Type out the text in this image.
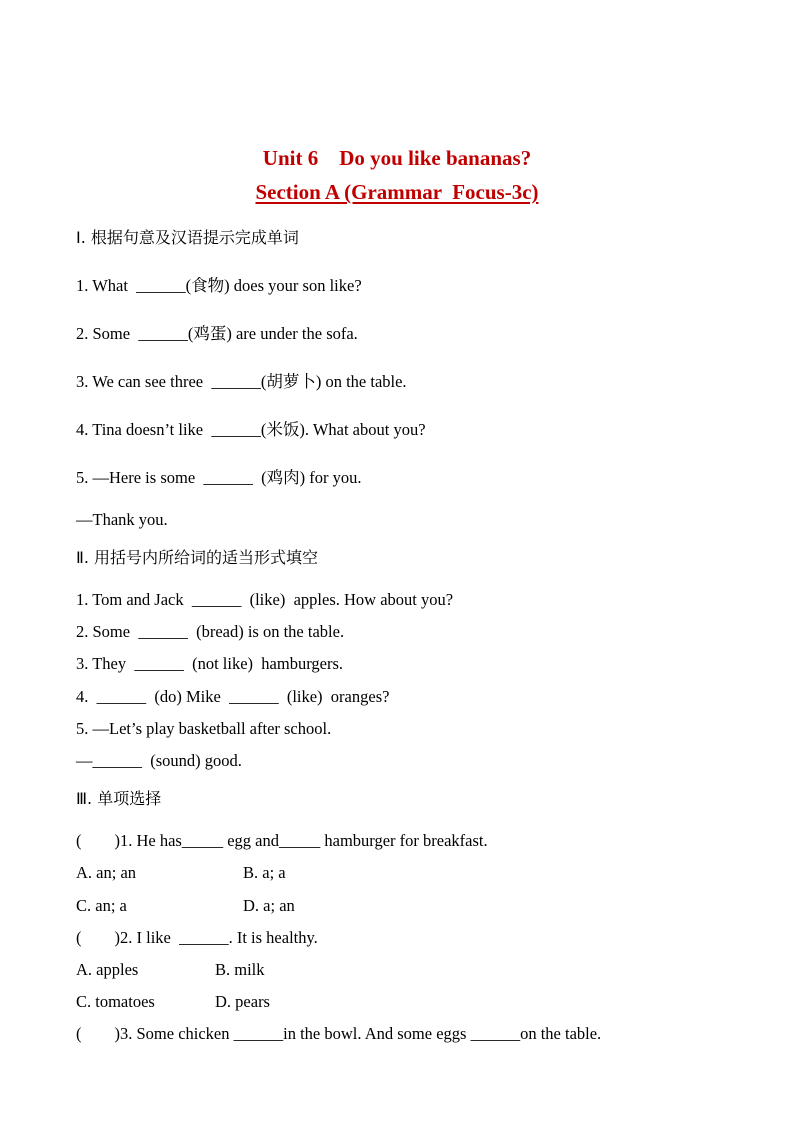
Unit 6    Do you like bananas?
Section A (Grammar  Focus-3c)
Ⅰ. 根据句意及汉语提示完成单词
1. What  ______(食物) does your son like?
2. Some  ______(鸡蛋) are under the sofa.
3. We can see three  ______(胡萝卜) on the table.
4. Tina doesn’t like  ______(米饭). What about you?
5. —Here is some  ______  (鸡肉) for you.
—Thank you.
Ⅱ. 用括号内所给词的适当形式填空
1. Tom and Jack  ______  (like)  apples. How about you?
2. Some  ______  (bread) is on the table.
3. They  ______  (not like)  hamburgers.
4.  ______  (do) Mike  ______  (like)  oranges?
5. —Let’s play basketball after school.
—______  (sound) good.
Ⅲ. 单项选择
(        )1. He has_____ egg and_____ hamburger for breakfast.
A. an; an	B. a; a
C. an; a	D. a; an
(        )2. I like  ______. It is healthy.
A. apples	B. milk
C. tomatoes	D. pears
(        )3. Some chicken ______in the bowl. And some eggs ______on the table.
